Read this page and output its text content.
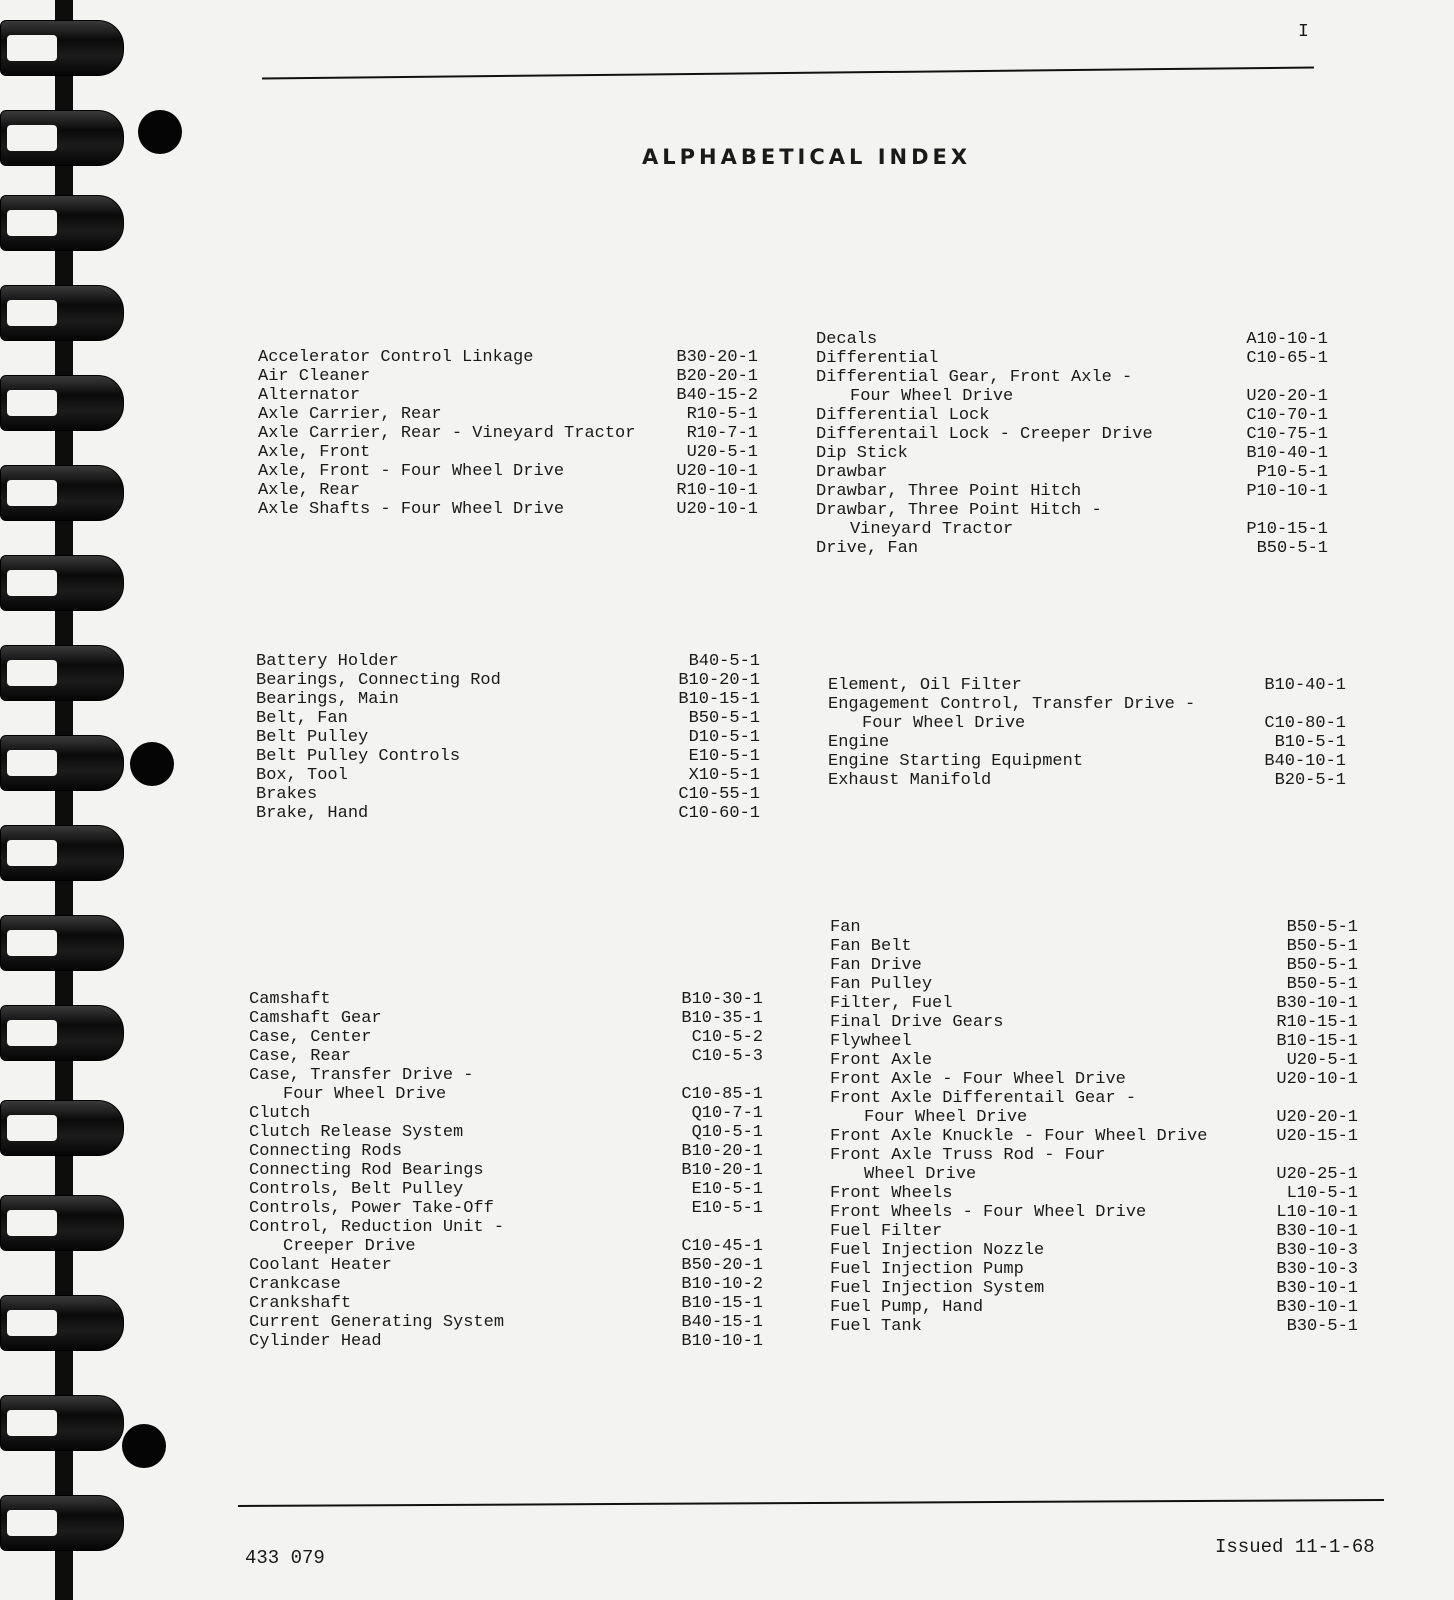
I
ALPHABETICAL INDEX
Accelerator Control Linkage	B30-20-1
Air Cleaner	B20-20-1
Alternator	B40-15-2
Axle Carrier, Rear	R10-5-1
Axle Carrier, Rear - Vineyard Tractor	R10-7-1
Axle, Front	U20-5-1
Axle, Front - Four Wheel Drive	U20-10-1
Axle, Rear	R10-10-1
Axle Shafts - Four Wheel Drive	U20-10-1
Decals	A10-10-1
Differential	C10-65-1
Differential Gear, Front Axle -
Four Wheel Drive	U20-20-1
Differential Lock	C10-70-1
Differentail Lock - Creeper Drive	C10-75-1
Dip Stick	B10-40-1
Drawbar	P10-5-1
Drawbar, Three Point Hitch	P10-10-1
Drawbar, Three Point Hitch -
Vineyard Tractor	P10-15-1
Drive, Fan	B50-5-1
Battery Holder	B40-5-1
Bearings, Connecting Rod	B10-20-1
Bearings, Main	B10-15-1
Belt, Fan	B50-5-1
Belt Pulley	D10-5-1
Belt Pulley Controls	E10-5-1
Box, Tool	X10-5-1
Brakes	C10-55-1
Brake, Hand	C10-60-1
Element, Oil Filter	B10-40-1
Engagement Control, Transfer Drive -
Four Wheel Drive	C10-80-1
Engine	B10-5-1
Engine Starting Equipment	B40-10-1
Exhaust Manifold	B20-5-1
Camshaft	B10-30-1
Camshaft Gear	B10-35-1
Case, Center	C10-5-2
Case, Rear	C10-5-3
Case, Transfer Drive -
Four Wheel Drive	C10-85-1
Clutch	Q10-7-1
Clutch Release System	Q10-5-1
Connecting Rods	B10-20-1
Connecting Rod Bearings	B10-20-1
Controls, Belt Pulley	E10-5-1
Controls, Power Take-Off	E10-5-1
Control, Reduction Unit -
Creeper Drive	C10-45-1
Coolant Heater	B50-20-1
Crankcase	B10-10-2
Crankshaft	B10-15-1
Current Generating System	B40-15-1
Cylinder Head	B10-10-1
Fan	B50-5-1
Fan Belt	B50-5-1
Fan Drive	B50-5-1
Fan Pulley	B50-5-1
Filter, Fuel	B30-10-1
Final Drive Gears	R10-15-1
Flywheel	B10-15-1
Front Axle	U20-5-1
Front Axle - Four Wheel Drive	U20-10-1
Front Axle Differentail Gear -
Four Wheel Drive	U20-20-1
Front Axle Knuckle - Four Wheel Drive	U20-15-1
Front Axle Truss Rod - Four
Wheel Drive	U20-25-1
Front Wheels	L10-5-1
Front Wheels - Four Wheel Drive	L10-10-1
Fuel Filter	B30-10-1
Fuel Injection Nozzle	B30-10-3
Fuel Injection Pump	B30-10-3
Fuel Injection System	B30-10-1
Fuel Pump, Hand	B30-10-1
Fuel Tank	B30-5-1
433 079	Issued 11-1-68
